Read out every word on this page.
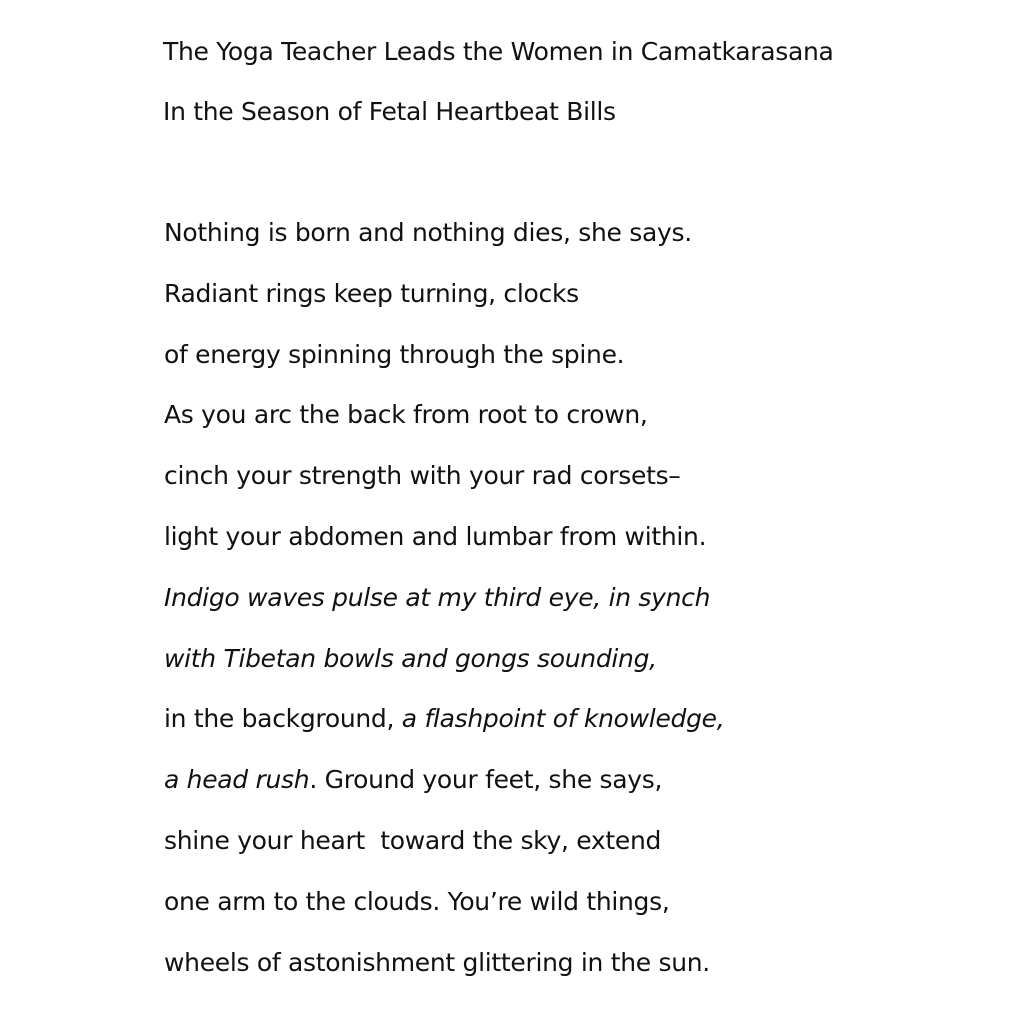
The Yoga Teacher Leads the Women in Camatkarasana
In the Season of Fetal Heartbeat Bills
Nothing is born and nothing dies, she says.
Radiant rings keep turning, clocks
of energy spinning through the spine.
As you arc the back from root to crown,
cinch your strength with your rad corsets–
light your abdomen and lumbar from within.
Indigo waves pulse at my third eye, in synch
with Tibetan bowls and gongs sounding,
in the background, a flashpoint of knowledge,
a head rush. Ground your feet, she says,
shine your heart  toward the sky, extend
one arm to the clouds. You’re wild things,
wheels of astonishment glittering in the sun.
